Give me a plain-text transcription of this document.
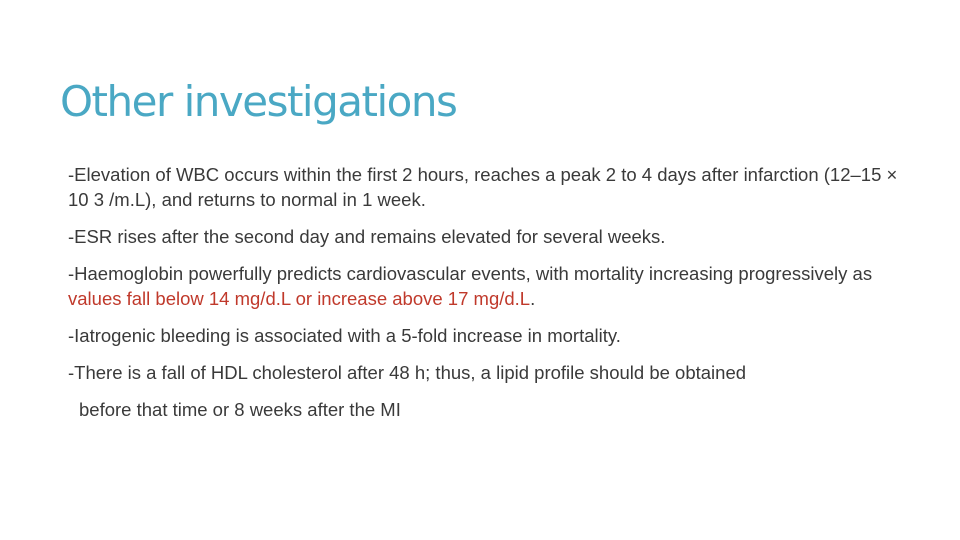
Other investigations

-Elevation of WBC occurs within the first 2 hours, reaches a peak 2 to 4 days after infarction (12–15 × 10 3 /m.L), and returns to normal in 1 week.

-ESR rises after the second day and remains elevated for several weeks.

-Haemoglobin powerfully predicts cardiovascular events, with mortality increasing progressively as values fall below 14 mg/d.L or increase above 17 mg/d.L.

-Iatrogenic bleeding is associated with a 5-fold increase in mortality.

-There is a fall of HDL cholesterol after 48 h; thus, a lipid profile should be obtained
before that time or 8 weeks after the MI
